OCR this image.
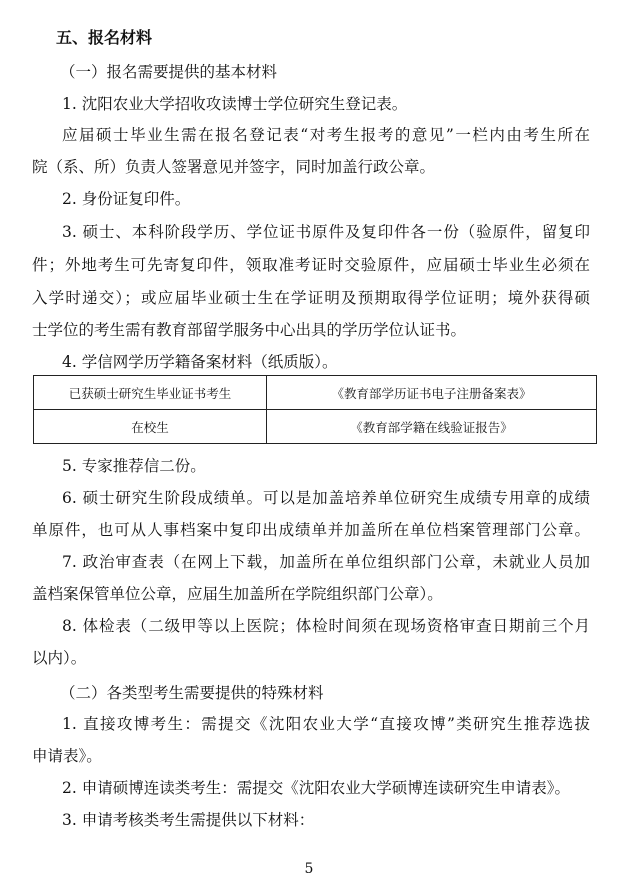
五、报名材料
（一）报名需要提供的基本材料
1. 沈阳农业大学招收攻读博士学位研究生登记表。
应届硕士毕业生需在报名登记表“对考生报考的意见”一栏内由考生所在
院（系、所）负责人签署意见并签字，同时加盖行政公章。
2. 身份证复印件。
3. 硕士、本科阶段学历、学位证书原件及复印件各一份（验原件，留复印
件；外地考生可先寄复印件，领取准考证时交验原件，应届硕士毕业生必须在
入学时递交）；或应届毕业硕士生在学证明及预期取得学位证明；境外获得硕
士学位的考生需有教育部留学服务中心出具的学历学位认证书。
4. 学信网学历学籍备案材料（纸质版）。
已获硕士研究生毕业证书考生	《教育部学历证书电子注册备案表》
在校生	《教育部学籍在线验证报告》
5. 专家推荐信二份。
6. 硕士研究生阶段成绩单。可以是加盖培养单位研究生成绩专用章的成绩
单原件，也可从人事档案中复印出成绩单并加盖所在单位档案管理部门公章。
7. 政治审查表（在网上下载，加盖所在单位组织部门公章，未就业人员加
盖档案保管单位公章，应届生加盖所在学院组织部门公章）。
8. 体检表（二级甲等以上医院；体检时间须在现场资格审查日期前三个月
以内）。
（二）各类型考生需要提供的特殊材料
1. 直接攻博考生：需提交《沈阳农业大学“直接攻博”类研究生推荐选拔
申请表》。
2. 申请硕博连读类考生：需提交《沈阳农业大学硕博连读研究生申请表》。
3. 申请考核类考生需提供以下材料：
5
